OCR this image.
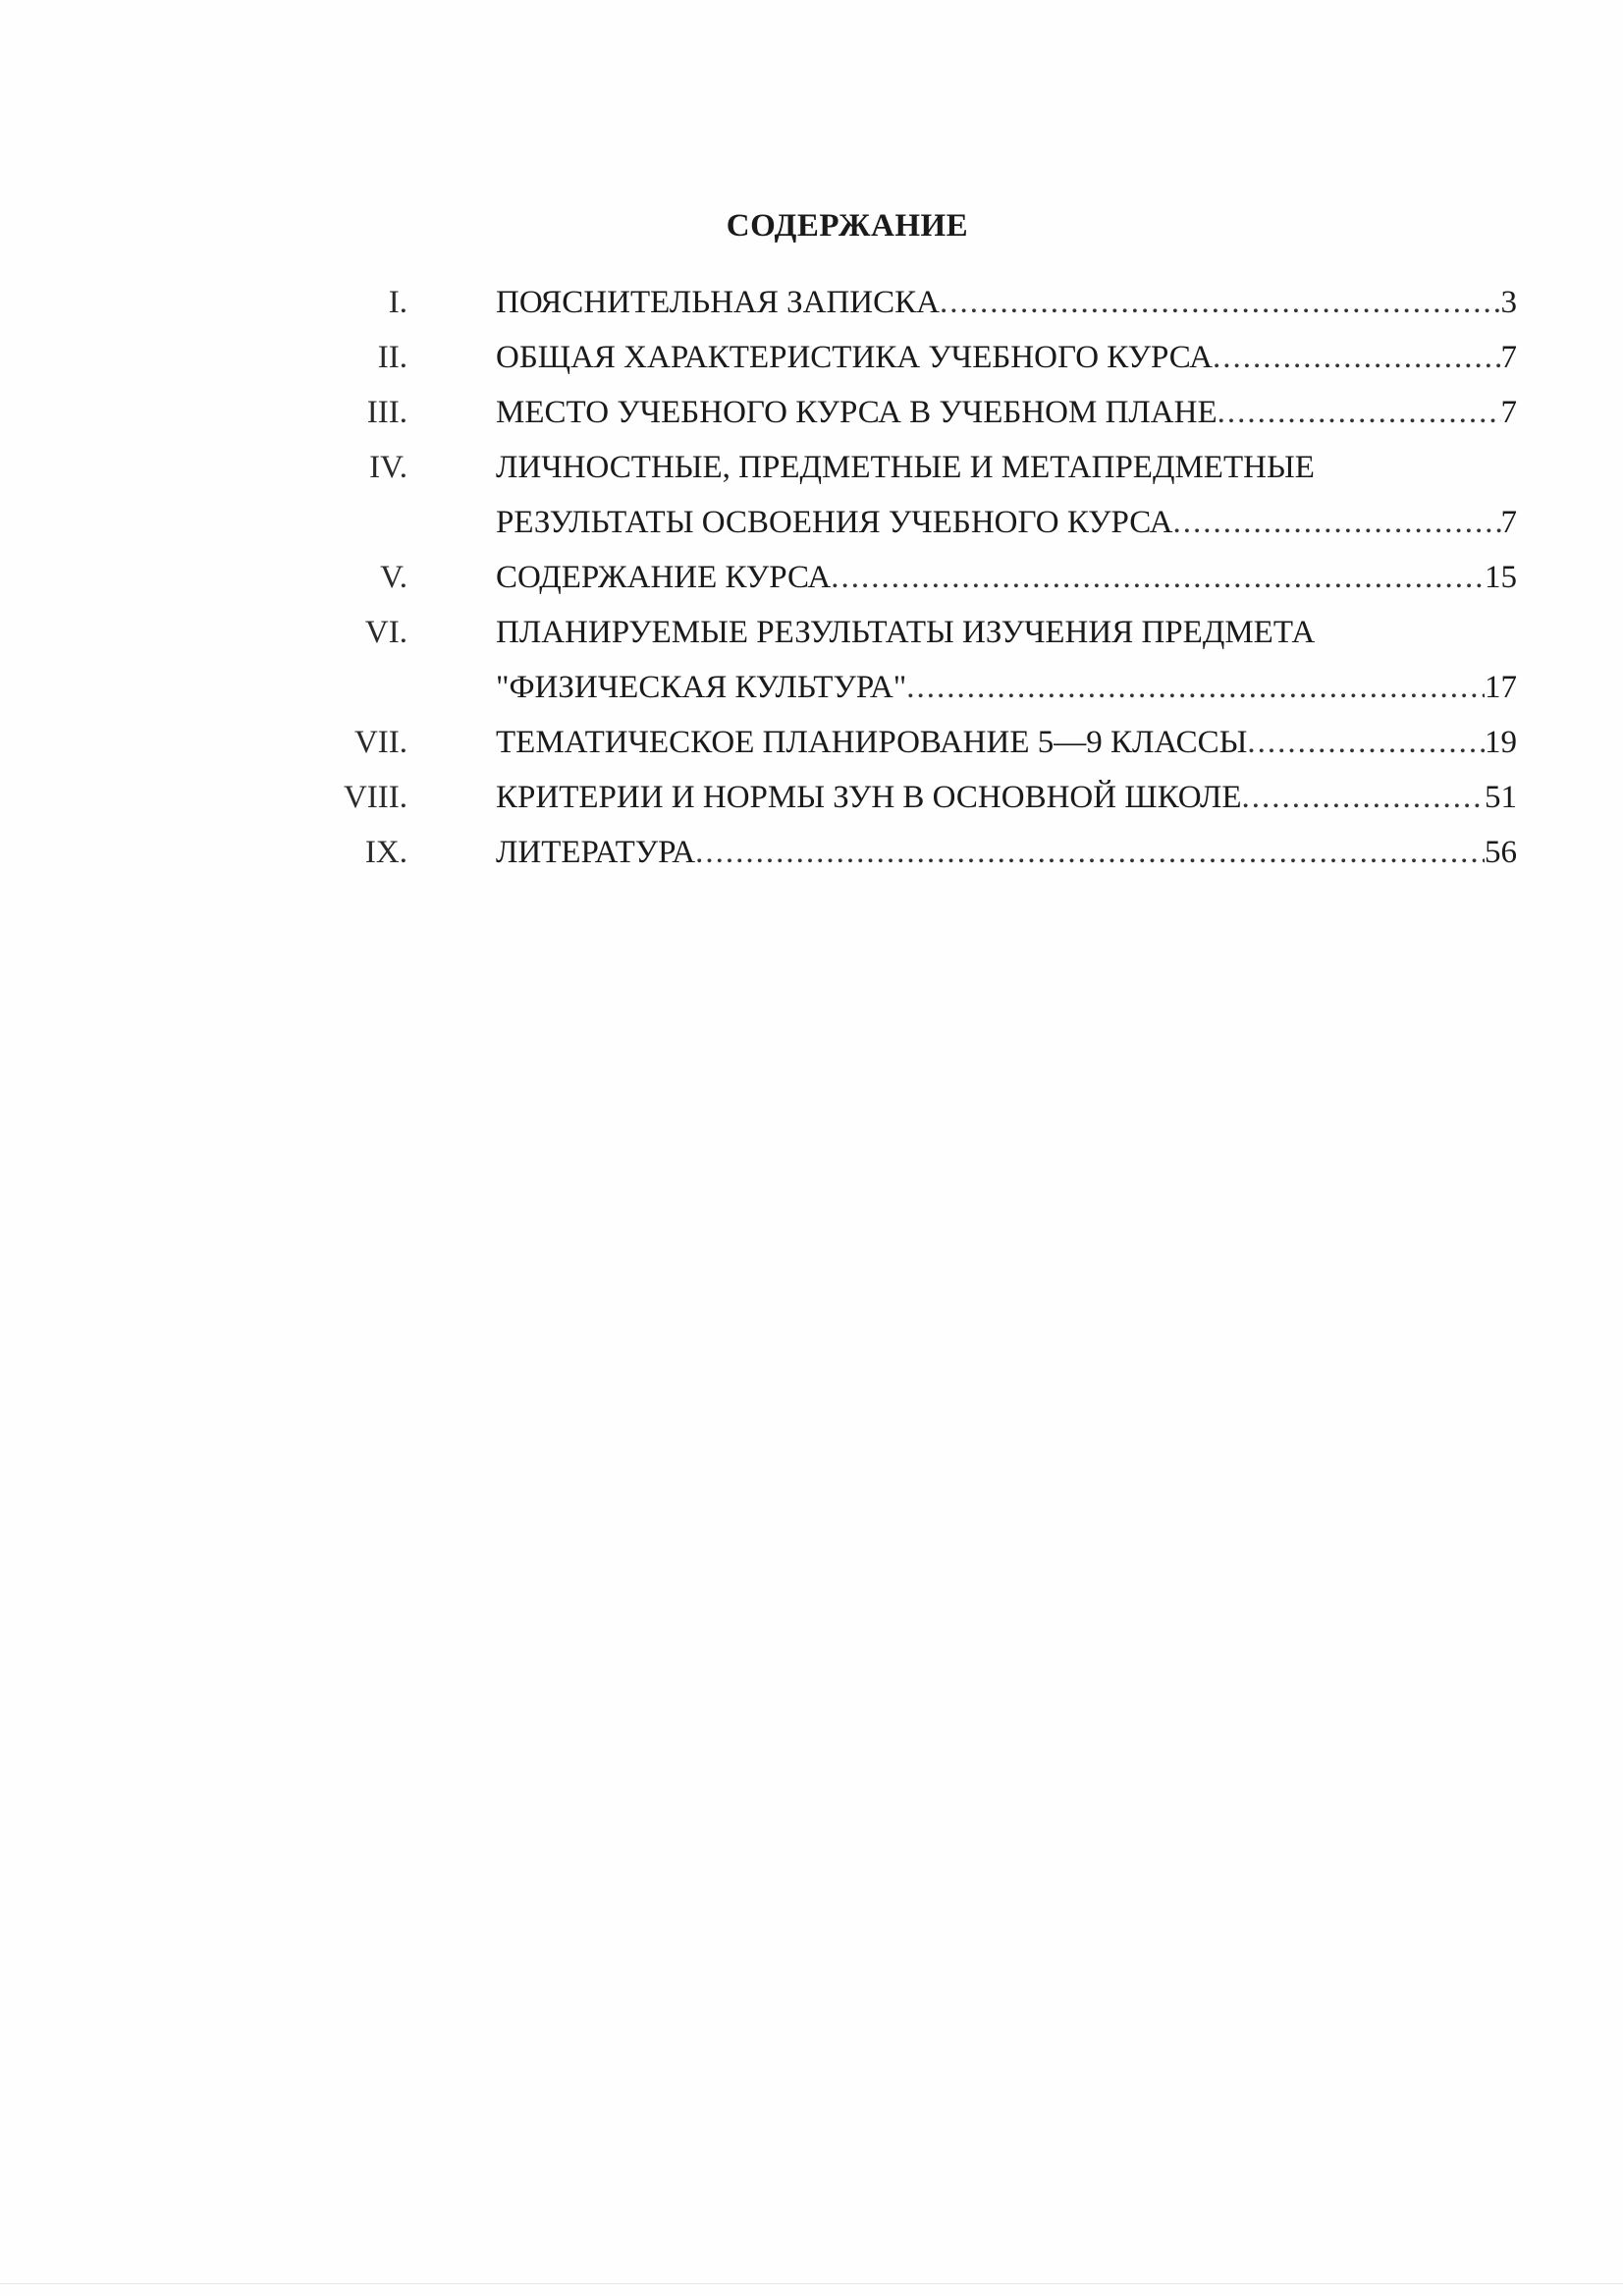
СОДЕРЖАНИЕ
I.	ПОЯСНИТЕЛЬНАЯ ЗАПИСКА .....	3
II.	ОБЩАЯ ХАРАКТЕРИСТИКА УЧЕБНОГО КУРСА .....	7
III.	МЕСТО УЧЕБНОГО КУРСА В УЧЕБНОМ ПЛАНЕ .....	7
IV.	ЛИЧНОСТНЫЕ, ПРЕДМЕТНЫЕ И МЕТАПРЕДМЕТНЫЕ
РЕЗУЛЬТАТЫ ОСВОЕНИЯ УЧЕБНОГО КУРСА .....	7
V.	СОДЕРЖАНИЕ КУРСА .....	15
VI.	ПЛАНИРУЕМЫЕ РЕЗУЛЬТАТЫ ИЗУЧЕНИЯ ПРЕДМЕТА
"ФИЗИЧЕСКАЯ КУЛЬТУРА" .....	17
VII.	ТЕМАТИЧЕСКОЕ ПЛАНИРОВАНИЕ 5—9 КЛАССЫ .....	19
VIII.	КРИТЕРИИ И НОРМЫ ЗУН В ОСНОВНОЙ ШКОЛЕ .....	51
IX.	ЛИТЕРАТУРА .....	56
